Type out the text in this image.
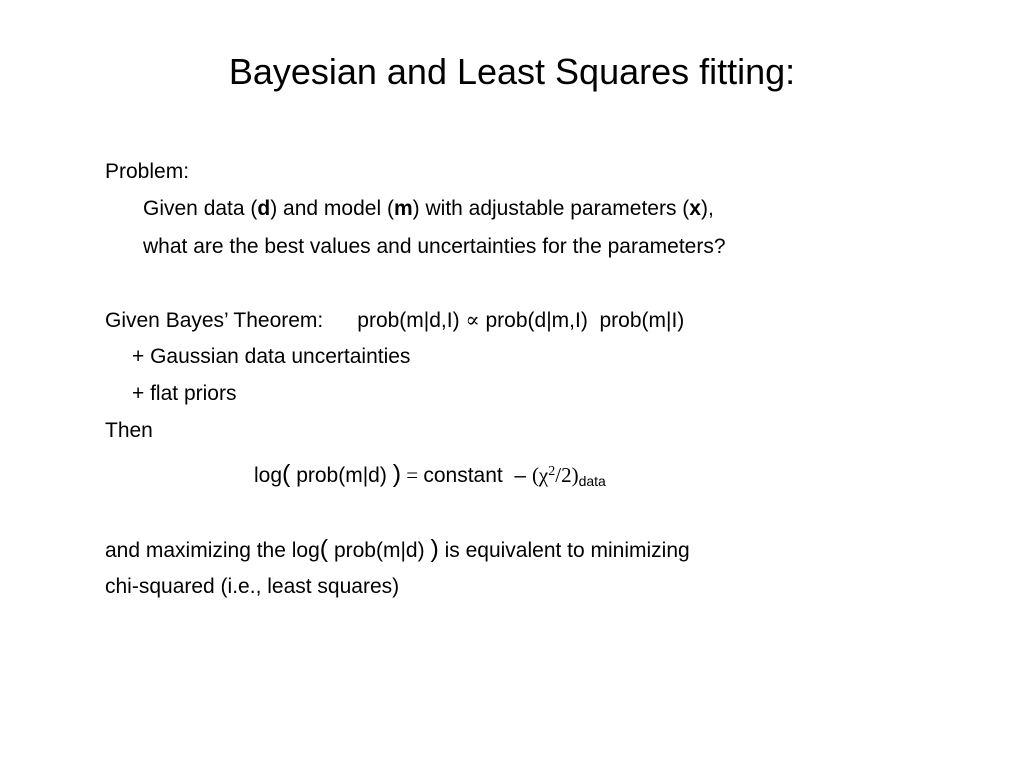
Bayesian and Least Squares fitting:
Problem:
Given data (d) and model (m) with adjustable parameters (x),
what are the best values and uncertainties for the parameters?
Given Bayes’ Theorem: prob(m|d,I) ∝ prob(d|m,I)  prob(m|I)
+ Gaussian data uncertainties
+ flat priors
Then
log( prob(m|d) ) = constant  – $(\chi^2/2)_{data}$
and maximizing the log( prob(m|d) ) is equivalent to minimizing
chi-squared (i.e., least squares)
